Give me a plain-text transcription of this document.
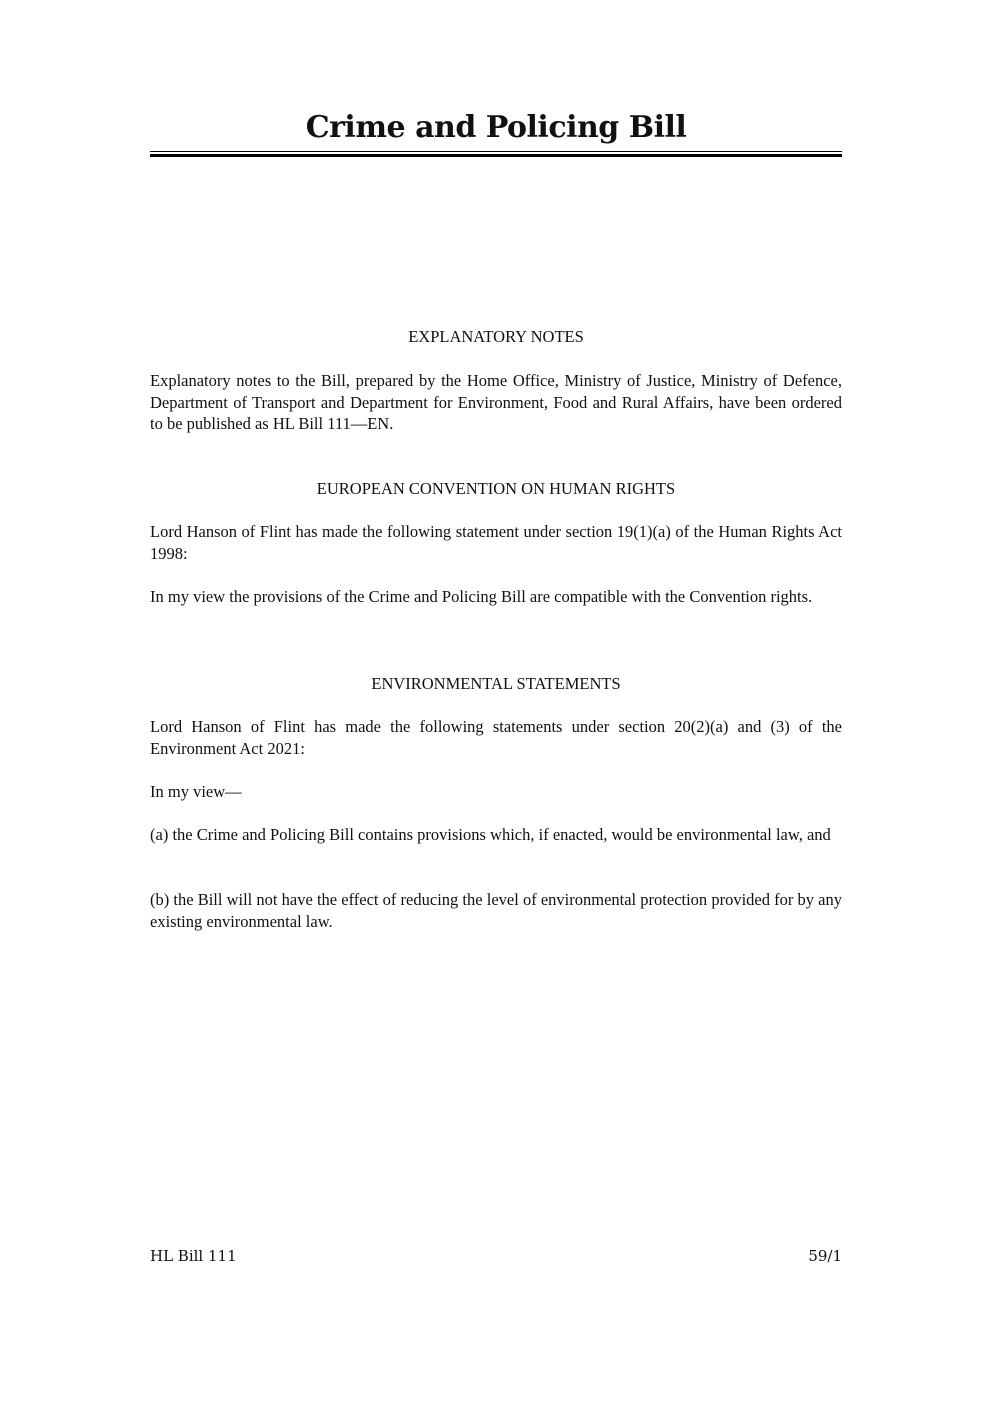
Crime and Policing Bill
EXPLANATORY NOTES
Explanatory notes to the Bill, prepared by the Home Office, Ministry of Justice, Ministry of Defence, Department of Transport and Department for Environment, Food and Rural Affairs, have been ordered to be published as HL Bill 111—EN.
EUROPEAN CONVENTION ON HUMAN RIGHTS
Lord Hanson of Flint has made the following statement under section 19(1)(a) of the Human Rights Act 1998:
In my view the provisions of the Crime and Policing Bill are compatible with the Convention rights.
ENVIRONMENTAL STATEMENTS
Lord Hanson of Flint has made the following statements under section 20(2)(a) and (3) of the Environment Act 2021:
In my view—
(a) the Crime and Policing Bill contains provisions which, if enacted, would be environmental law, and
(b) the Bill will not have the effect of reducing the level of environmental protection provided for by any existing environmental law.
HL Bill 111	59/1
